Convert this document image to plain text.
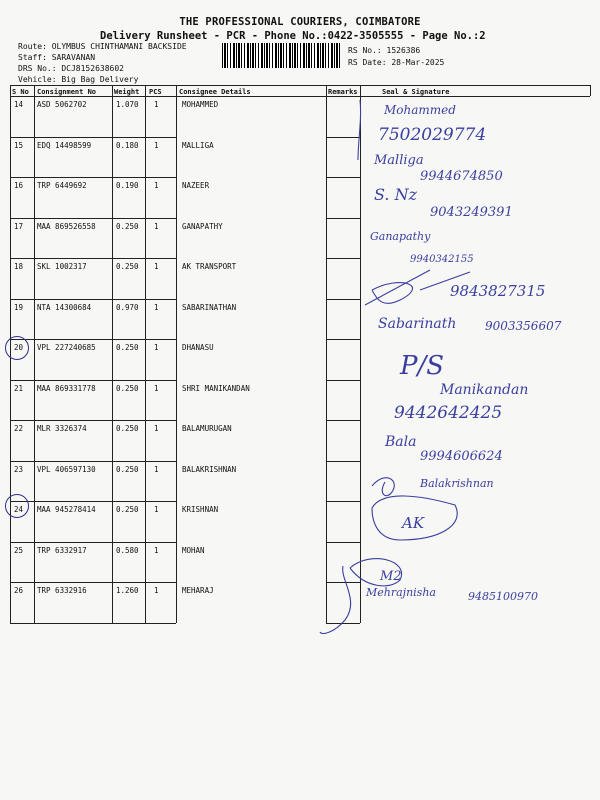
THE PROFESSIONAL COURIERS, COIMBATORE
Delivery Runsheet - PCR - Phone No.:0422-3505555 - Page No.:2
Route: OLYMBUS CHINTHAMANI BACKSIDE
Staff: SARAVANAN
DRS No.: DCJ8152638602
Vehicle: Big Bag Delivery
RS No.: 1526386
RS Date: 28-Mar-2025
S No Consignment No	Weight PCS Consignee Details	Remarks	Seal & Signature
14 ASD 5062702	1.070 1	MOHAMMED
15 EDQ 14498599	0.180 1	MALLIGA
16 TRP 6449692	0.190 1	NAZEER
17 MAA 869526558	0.250 1	GANAPATHY
18 SKL 1002317	0.250 1	AK TRANSPORT
19 NTA 14300684	0.970 1	SABARINATHAN
20 VPL 227240685	0.250 1	DHANASU
21 MAA 869331778	0.250 1	SHRI MANIKANDAN
22 MLR 3326374	0.250 1	BALAMURUGAN
23 VPL 406597130	0.250 1	BALAKRISHNAN
24 MAA 945278414	0.250 1	KRISHNAN
25 TRP 6332917	0.580 1	MOHAN
26 TRP 6332916	1.260 1	MEHARAJ
Mohammed
7502029774
Malliga
9944674850
S. Nz
9043249391
Ganapathy
9940342155
9843827315
Sabarinath 9003356607
P/S
Manikandan
9442642425
Bala
9994606624
Balakrishnan
AK
M2
Mehrajnisha	9485100970
